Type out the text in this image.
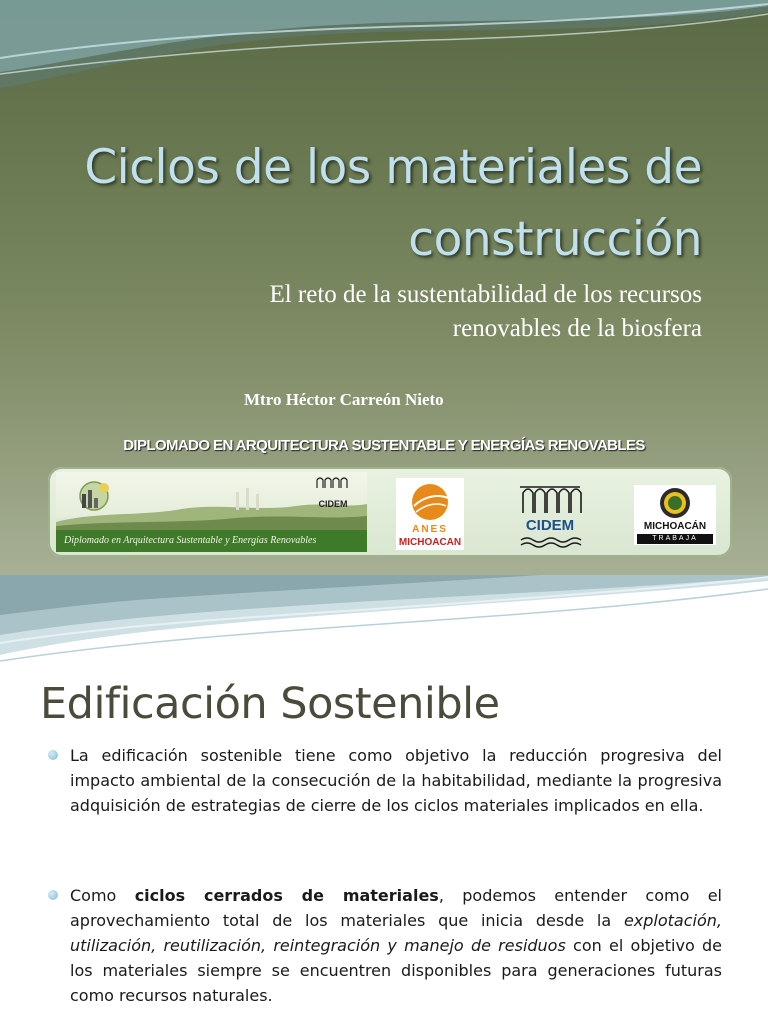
Ciclos de los materiales de
construcción
El reto de la sustentabilidad de los recursos
renovables de la biosfera
Mtro Héctor Carreón Nieto
DIPLOMADO EN ARQUITECTURA SUSTENTABLE Y ENERGÍAS RENOVABLES
CIDEM
Diplomado en Arquitectura Sustentable y Energías Renovables
ANES
MICHOACAN
CIDEM	MICHOACÁN
TRABAJA
Edificación Sostenible
La edificación sostenible tiene como objetivo la reducción progresiva del impacto ambiental de la consecución de la habitabilidad, mediante la progresiva adquisición de estrategias de cierre de los ciclos materiales implicados en ella.
Como ciclos cerrados de materiales, podemos entender como el aprovechamiento total de los materiales que inicia desde la explotación, utilización, reutilización, reintegración y manejo de residuos con el objetivo de los materiales siempre se encuentren disponibles para generaciones futuras como recursos naturales.
